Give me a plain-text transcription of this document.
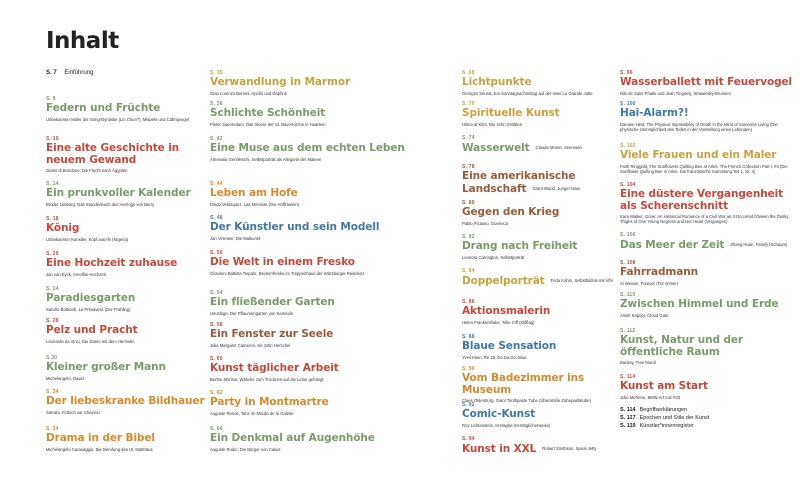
Inhalt
S. 7 Einführung
S. 8
Federn und Früchte
Unbekannter Maler der Song-Dynastie (Lin Chun?), Mispeln und Cabrigvogel
S. 10
Eine alte Geschichte in neuem Gewand
Giotto di Bondone, Die Flucht nach Ägypten
S. 14
Ein prunkvoller Kalender
Brüder Limburg, Das Stundenbuch des Herzogs von Berry
S. 18
König
Unbekannter Künstler, Kopf aus Ife (Nigeria)
S. 20
Eine Hochzeit zuhause
Jan van Eyck, Arnolfini-Hochzeit
S. 24
Paradiesgarten
Sandro Botticelli, La Primavera (Der Frühling)
S. 28
Pelz und Pracht
Leonardo da Vinci, Die Dame mit dem Hermelin
S.30
Kleiner großer Mann
Michelangelo, David
S. 34
Der liebeskranke Bildhauer
Sarrabi, Fortsch var Chavrou
S. 34
Drama in der Bibel
Michelangelo Caravaggio, Die Berufung des Hl. Matthäus
S. 35
Verwandlung in Marmor
Gian Lorenzo Bernini, Apollo und Daphne
S. 38
Schlichte Schönheit
Pieter Saenredam, Das Innere der St. Bavo-Kirche in Haarlem
S. 42
Eine Muse aus dem echten Leben
Artemisia Gentileschi, Selbstporträt als Allegorie der Malerei
S. 44
Leben am Hofe
Diego Velázquez, Las Meninas (Die Hoffräulein)
S. 48
Der Künstler und sein Modell
Jan Vermeer, Die Malkunst
S. 50
Die Welt in einem Fresko
Giovanni Battista Tiepolo, Deckenfresko im Treppenhaus der Würzburger Residenz
S. 54
Ein fließender Garten
Hiroshige, Der Pflaumengarten von Kameido
S. 58
Ein Fenster zur Seele
Julia Margaret Cameron, Sir John Herschel
S. 60
Kunst täglicher Arbeit
Berthe Morisot, Wäsche zum Trocknen auf die Leine gehängt
S. 62
Party in Montmartre
Auguste Renoir, Tanz im Moulin de la Galette
S. 64
Ein Denkmal auf Augenhöhe
Auguste Rodin, Die Bürger von Calais
S. 68
Lichtpunkte
Georges Seurat, Ein Sonntagnachmittag auf der Insel La Grande Jatte
S. 70
Spirituelle Kunst
Hilma af Klint, Die zehn Größten
S. 74
Wasserwelt Claude Monet, Seerosen
S. 78
Eine amerikanische Landschaft Grant Wood, Junger Mais
S. 80
Gegen den Krieg
Pablo Picasso, Guernica
S. 82
Drang nach Freiheit
Leonora Carrington, Selbstporträt
S. 84
Doppelporträt Frida Kahlo, Selbstbildnis mit Affe
S. 86
Aktionsmalerin
Helen Frankenthaler, Tolle Ciff (Klifflag)
S. 88
Blaue Sensation
Yves Klein, Re 26, Do Da Do, Blue
S. 90
Vom Badezimmer ins Museum
Claes Oldenburg, Giant Toothpaste Tube (Überaroße Zahnpastatube)
S. 92
Comic-Kunst
Roy Lichtenstein, M-Maybe (M-Möglicherweise)
S. 94
Kunst in XXL Robert Smithson, Spiral Jetty
S. 114 Begriffserklärungen
S. 117 Epochen und Stile der Kunst
S. 119 Künstler*innenregister
S. 96
Wasserballett mit Feuervogel
Niki de Saint Phalle und Jean Tinguely, Strawinsky-Brunnen
S. 100
Hai-Alarm?!
Damien Hirst, The Physical Impossibility of Death in the Mind of Someone Living (Die physische Unmöglichkeit des Todes in der Vorstellung eines Lebenden)
S. 102
Viele Frauen und ein Maler
Faith Ringgold, The Sunflowers Quilting Bee at Arles, The French Collection Part I, #4 (Die Sunflower Quilting Bee in Arles, Die französische Sammlung Teil 1, Nr. 4)
S. 104
Eine düstere Vergangenheit als Scherenschnitt
Kara Walker, Gone: An Historical Romance of a Civil War as It Occurred b'tween the Dusky Thighs of One Young Negress and Her Heart (Vergangen)
S. 106
Das Meer der Zeit Zhang Huan, Family (Schaum)
S. 108
Fahrradmann
Ai Weiwei, Forever (Für immer)
S. 110
Zwischen Himmel und Erde
Anish Kapoor, Cloud Gate
S. 112
Kunst, Natur und der öffentliche Raum
Banksy, Tree Mural
S. 114
Kunst am Start
Julie Mehretu, BMW Art Car #20
